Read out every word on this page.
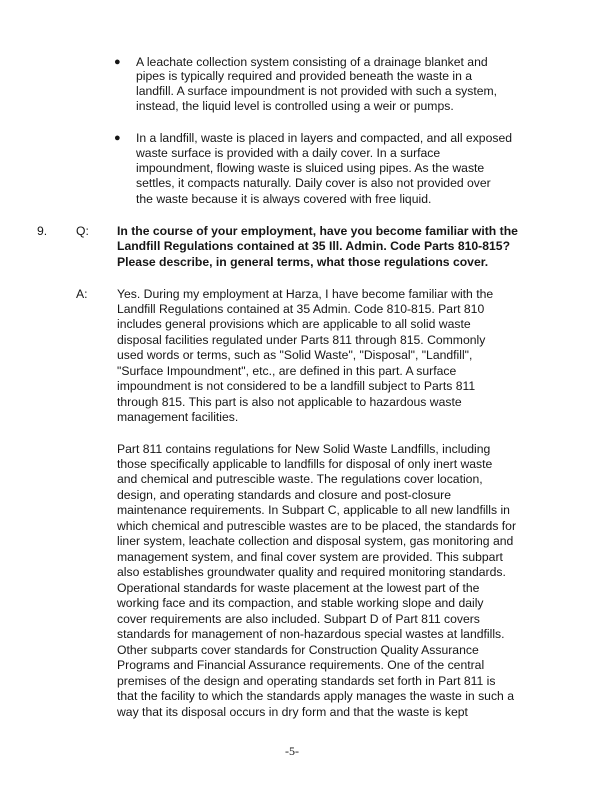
● A leachate collection system consisting of a drainage blanket and
pipes is typically required and provided beneath the waste in a
landfill. A surface impoundment is not provided with such a system,
instead, the liquid level is controlled using a weir or pumps.
● In a landfill, waste is placed in layers and compacted, and all exposed
waste surface is provided with a daily cover. In a surface
impoundment, flowing waste is sluiced using pipes. As the waste
settles, it compacts naturally. Daily cover is also not provided over
the waste because it is always covered with free liquid.
9. Q: In the course of your employment, have you become familiar with the
Landfill Regulations contained at 35 Ill. Admin. Code Parts 810-815?
Please describe, in general terms, what those regulations cover.
A: Yes. During my employment at Harza, I have become familiar with the
Landfill Regulations contained at 35 Admin. Code 810-815. Part 810
includes general provisions which are applicable to all solid waste
disposal facilities regulated under Parts 811 through 815. Commonly
used words or terms, such as "Solid Waste", "Disposal", "Landfill",
"Surface Impoundment", etc., are defined in this part. A surface
impoundment is not considered to be a landfill subject to Parts 811
through 815. This part is also not applicable to hazardous waste
management facilities.
Part 811 contains regulations for New Solid Waste Landfills, including
those specifically applicable to landfills for disposal of only inert waste
and chemical and putrescible waste. The regulations cover location,
design, and operating standards and closure and post-closure
maintenance requirements. In Subpart C, applicable to all new landfills in
which chemical and putrescible wastes are to be placed, the standards for
liner system, leachate collection and disposal system, gas monitoring and
management system, and final cover system are provided. This subpart
also establishes groundwater quality and required monitoring standards.
Operational standards for waste placement at the lowest part of the
working face and its compaction, and stable working slope and daily
cover requirements are also included. Subpart D of Part 811 covers
standards for management of non-hazardous special wastes at landfills.
Other subparts cover standards for Construction Quality Assurance
Programs and Financial Assurance requirements. One of the central
premises of the design and operating standards set forth in Part 811 is
that the facility to which the standards apply manages the waste in such a
way that its disposal occurs in dry form and that the waste is kept
-5-
